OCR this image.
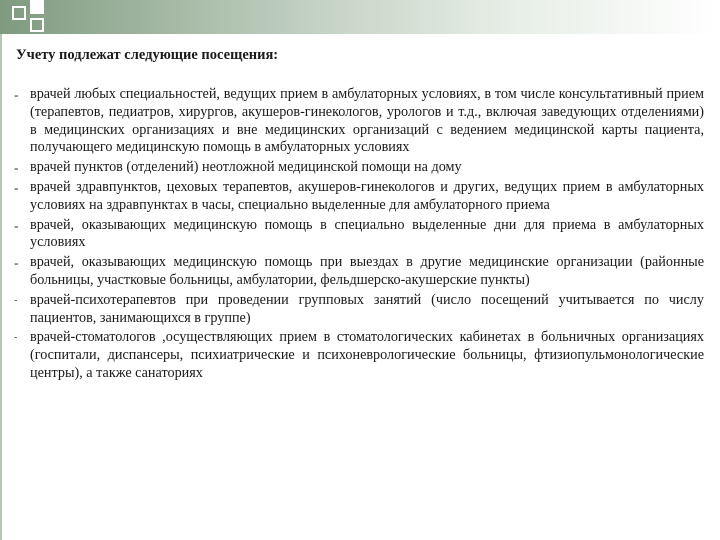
Учету подлежат следующие посещения:
- врачей любых специальностей, ведущих прием в амбулаторных условиях, в том числе консультативный прием (терапевтов, педиатров, хирургов, акушеров-гинекологов, урологов и т.д., включая заведующих отделениями) в медицинских организациях и вне медицинских организаций с ведением медицинской карты пациента, получающего медицинскую помощь в амбулаторных условиях
- врачей пунктов (отделений) неотложной медицинской помощи на дому
- врачей здравпунктов, цеховых терапевтов, акушеров-гинекологов и других, ведущих прием в амбулаторных условиях на здравпунктах в часы, специально выделенные для амбулаторного приема
- врачей, оказывающих медицинскую помощь в специально выделенные дни для приема в амбулаторных условиях
- врачей, оказывающих медицинскую помощь при выездах в другие медицинские организации (районные больницы, участковые больницы, амбулатории, фельдшерско-акушерские пункты)
- врачей-психотерапевтов при проведении групповых занятий (число посещений учитывается по числу пациентов, занимающихся в группе)
- врачей-стоматологов ,осуществляющих прием в стоматологических кабинетах в больничных организациях (госпитали, диспансеры, психиатрические и психоневрологические больницы, фтизиопульмонологические центры), а также санаториях
